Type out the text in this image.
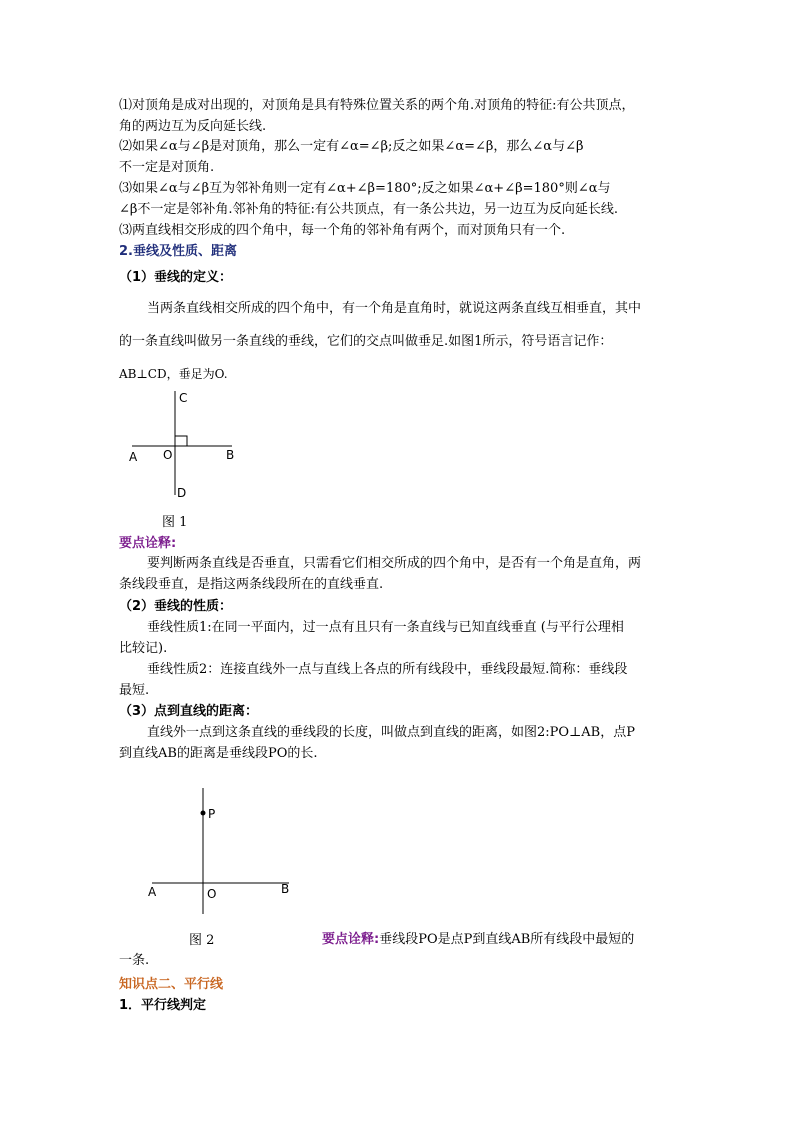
⑴对顶角是成对出现的，对顶角是具有特殊位置关系的两个角.对顶角的特征:有公共顶点，
角的两边互为反向延长线.
⑵如果∠α与∠β是对顶角，那么一定有∠α=∠β;反之如果∠α=∠β，那么∠α与∠β
不一定是对顶角.
⑶如果∠α与∠β互为邻补角则一定有∠α+∠β=180°;反之如果∠α+∠β=180°则∠α与
∠β不一定是邻补角.邻补角的特征:有公共顶点，有一条公共边，另一边互为反向延长线.
⑶两直线相交形成的四个角中，每一个角的邻补角有两个，而对顶角只有一个.
2.垂线及性质、距离
（1）垂线的定义：
当两条直线相交所成的四个角中，有一个角是直角时，就说这两条直线互相垂直，其中
的一条直线叫做另一条直线的垂线，它们的交点叫做垂足.如图1所示，符号语言记作：
AB⊥CD，垂足为O.
C
A O	B
D
图 1
要点诠释:
要判断两条直线是否垂直，只需看它们相交所成的四个角中，是否有一个角是直角，两
条线段垂直，是指这两条线段所在的直线垂直.
（2）垂线的性质：
垂线性质1:在同一平面内，过一点有且只有一条直线与已知直线垂直 (与平行公理相
比较记).
垂线性质2：连接直线外一点与直线上各点的所有线段中，垂线段最短.简称：垂线段
最短.
（3）点到直线的距离：
直线外一点到这条直线的垂线段的长度，叫做点到直线的距离，如图2:PO⊥AB，点P
到直线AB的距离是垂线段PO的长.
P
A	O	B
图 2	要点诠释:垂线段PO是点P到直线AB所有线段中最短的
一条.
知识点二、平行线
1．平行线判定
